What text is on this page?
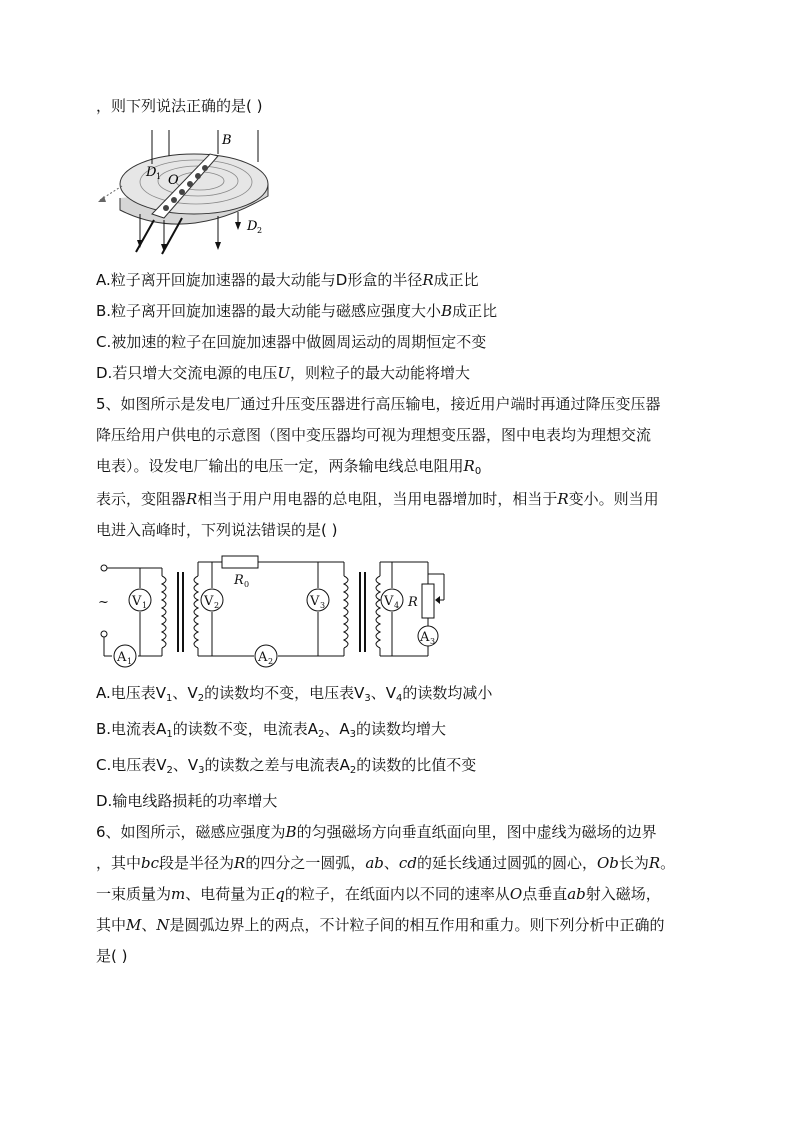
，则下列说法正确的是( )
B
D 1 O
D 2
A.粒子离开回旋加速器的最大动能与D形盒的半径R成正比
B.粒子离开回旋加速器的最大动能与磁感应强度大小B成正比
C.被加速的粒子在回旋加速器中做圆周运动的周期恒定不变
D.若只增大交流电源的电压U，则粒子的最大动能将增大
5、如图所示是发电厂通过升压变压器进行高压输电，接近用户端时再通过降压变压器
降压给用户供电的示意图（图中变压器均可视为理想变压器，图中电表均为理想交流
电表）。设发电厂输出的电压一定，两条输电线总电阻用$R_0$
表示，变阻器R相当于用户用电器的总电阻，当用电器增加时，相当于R变小。则当用
电进入高峰时，下列说法错误的是( )
V 1	V 2	V 3	V 4
A 1	A 2
A 3
R 0
R
~
A.电压表$V_1$、$V_2$的读数均不变，电压表$V_3$、$V_4$的读数均减小
B.电流表$A_1$的读数不变，电流表$A_2$、$A_3$的读数均增大
C.电压表$V_2$、$V_3$的读数之差与电流表$A_2$的读数的比值不变
D.输电线路损耗的功率增大
6、如图所示，磁感应强度为B的匀强磁场方向垂直纸面向里，图中虚线为磁场的边界
，其中bc段是半径为R的四分之一圆弧，ab、cd的延长线通过圆弧的圆心，Ob长为R。
一束质量为m、电荷量为正q的粒子，在纸面内以不同的速率从O点垂直ab射入磁场，
其中M、N是圆弧边界上的两点，不计粒子间的相互作用和重力。则下列分析中正确的
是( )
